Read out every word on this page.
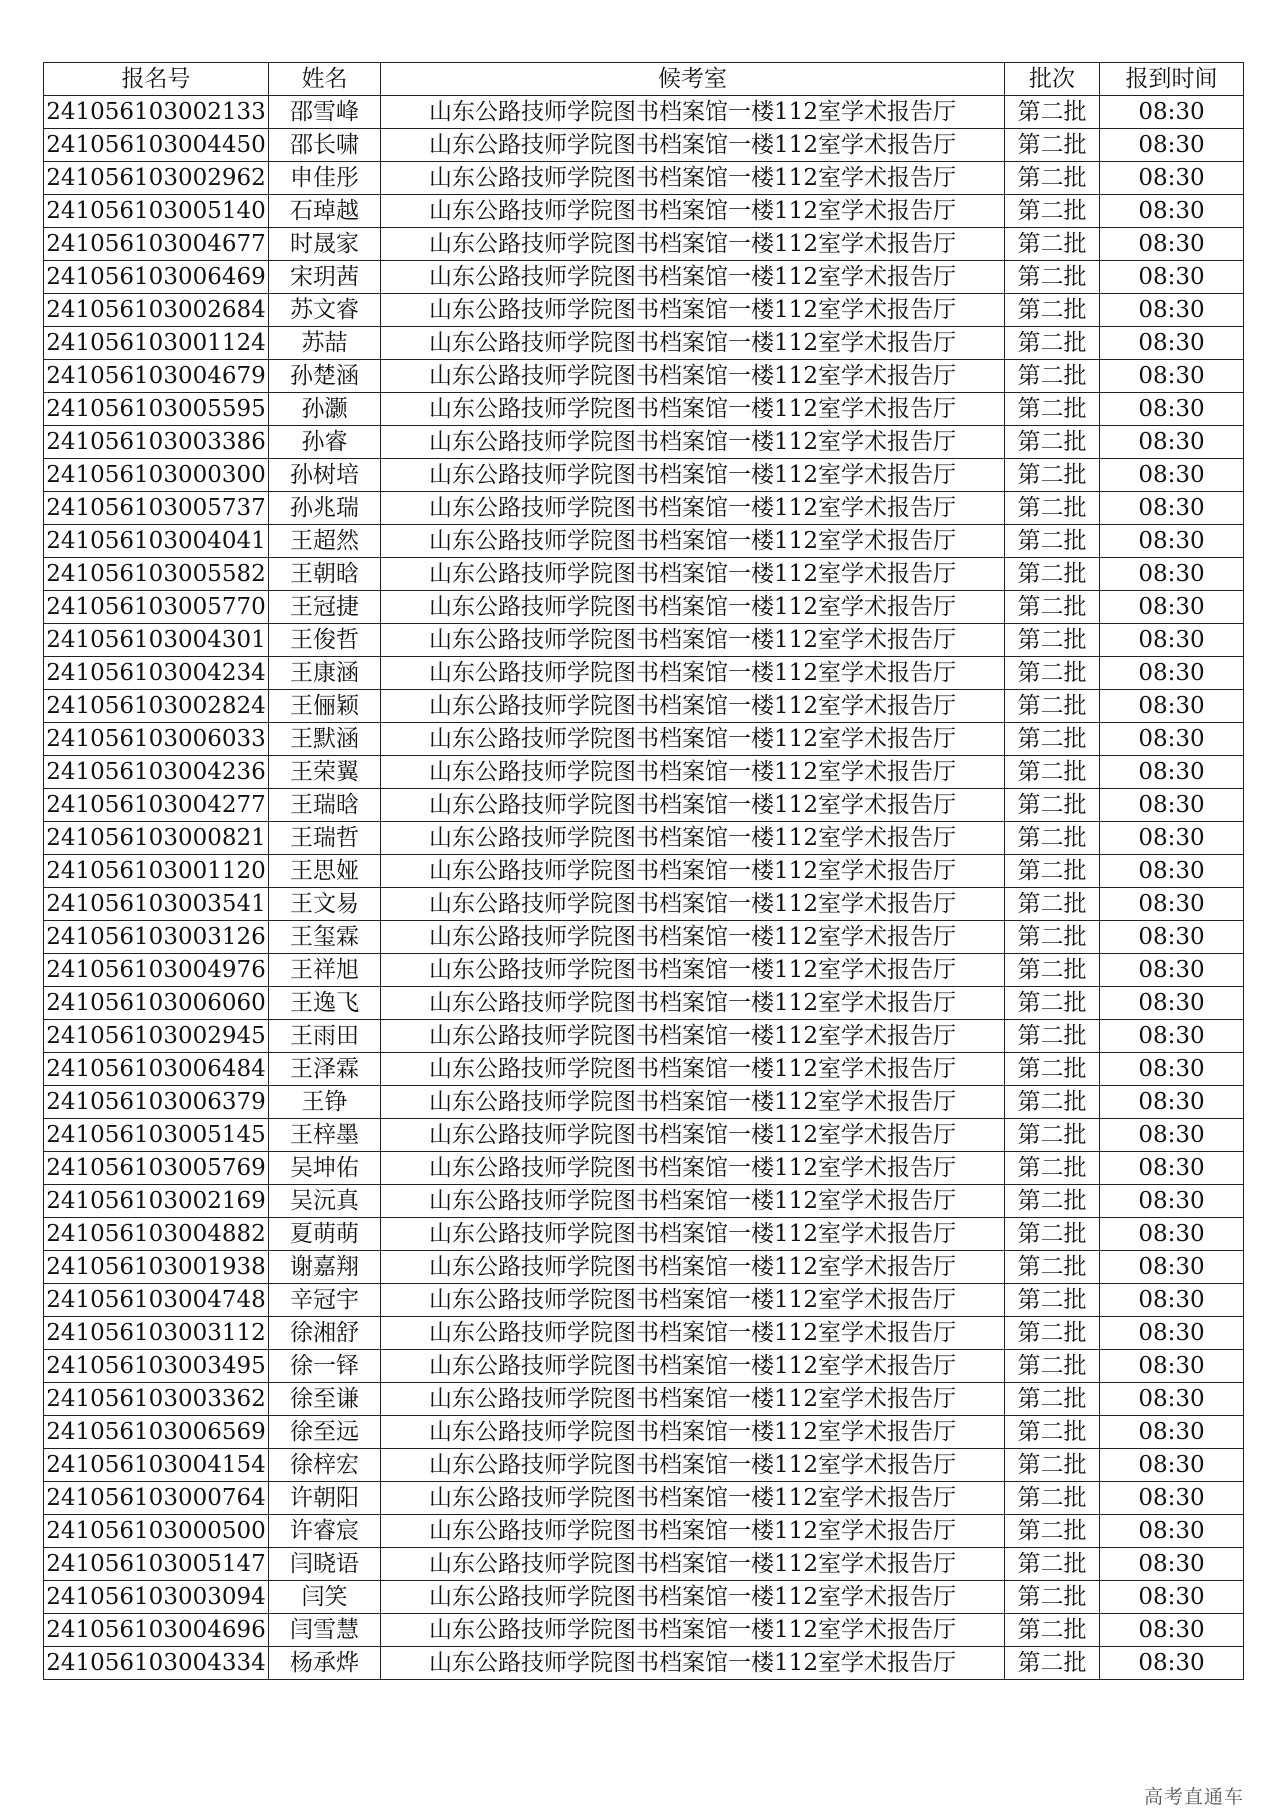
报名号	姓名	候考室	批次	报到时间
241056103002133	邵雪峰	山东公路技师学院图书档案馆一楼112室学术报告厅	第二批	08:30
241056103004450	邵长啸	山东公路技师学院图书档案馆一楼112室学术报告厅	第二批	08:30
241056103002962	申佳彤	山东公路技师学院图书档案馆一楼112室学术报告厅	第二批	08:30
241056103005140	石琸越	山东公路技师学院图书档案馆一楼112室学术报告厅	第二批	08:30
241056103004677	时晟家	山东公路技师学院图书档案馆一楼112室学术报告厅	第二批	08:30
241056103006469	宋玥茜	山东公路技师学院图书档案馆一楼112室学术报告厅	第二批	08:30
241056103002684	苏文睿	山东公路技师学院图书档案馆一楼112室学术报告厅	第二批	08:30
241056103001124	苏喆	山东公路技师学院图书档案馆一楼112室学术报告厅	第二批	08:30
241056103004679	孙楚涵	山东公路技师学院图书档案馆一楼112室学术报告厅	第二批	08:30
241056103005595	孙灏	山东公路技师学院图书档案馆一楼112室学术报告厅	第二批	08:30
241056103003386	孙睿	山东公路技师学院图书档案馆一楼112室学术报告厅	第二批	08:30
241056103000300	孙树培	山东公路技师学院图书档案馆一楼112室学术报告厅	第二批	08:30
241056103005737	孙兆瑞	山东公路技师学院图书档案馆一楼112室学术报告厅	第二批	08:30
241056103004041	王超然	山东公路技师学院图书档案馆一楼112室学术报告厅	第二批	08:30
241056103005582	王朝晗	山东公路技师学院图书档案馆一楼112室学术报告厅	第二批	08:30
241056103005770	王冠捷	山东公路技师学院图书档案馆一楼112室学术报告厅	第二批	08:30
241056103004301	王俊哲	山东公路技师学院图书档案馆一楼112室学术报告厅	第二批	08:30
241056103004234	王康涵	山东公路技师学院图书档案馆一楼112室学术报告厅	第二批	08:30
241056103002824	王俪颖	山东公路技师学院图书档案馆一楼112室学术报告厅	第二批	08:30
241056103006033	王默涵	山东公路技师学院图书档案馆一楼112室学术报告厅	第二批	08:30
241056103004236	王荣翼	山东公路技师学院图书档案馆一楼112室学术报告厅	第二批	08:30
241056103004277	王瑞晗	山东公路技师学院图书档案馆一楼112室学术报告厅	第二批	08:30
241056103000821	王瑞哲	山东公路技师学院图书档案馆一楼112室学术报告厅	第二批	08:30
241056103001120	王思娅	山东公路技师学院图书档案馆一楼112室学术报告厅	第二批	08:30
241056103003541	王文易	山东公路技师学院图书档案馆一楼112室学术报告厅	第二批	08:30
241056103003126	王玺霖	山东公路技师学院图书档案馆一楼112室学术报告厅	第二批	08:30
241056103004976	王祥旭	山东公路技师学院图书档案馆一楼112室学术报告厅	第二批	08:30
241056103006060	王逸飞	山东公路技师学院图书档案馆一楼112室学术报告厅	第二批	08:30
241056103002945	王雨田	山东公路技师学院图书档案馆一楼112室学术报告厅	第二批	08:30
241056103006484	王泽霖	山东公路技师学院图书档案馆一楼112室学术报告厅	第二批	08:30
241056103006379	王铮	山东公路技师学院图书档案馆一楼112室学术报告厅	第二批	08:30
241056103005145	王梓墨	山东公路技师学院图书档案馆一楼112室学术报告厅	第二批	08:30
241056103005769	吴坤佑	山东公路技师学院图书档案馆一楼112室学术报告厅	第二批	08:30
241056103002169	吴沅真	山东公路技师学院图书档案馆一楼112室学术报告厅	第二批	08:30
241056103004882	夏萌萌	山东公路技师学院图书档案馆一楼112室学术报告厅	第二批	08:30
241056103001938	谢嘉翔	山东公路技师学院图书档案馆一楼112室学术报告厅	第二批	08:30
241056103004748	辛冠宇	山东公路技师学院图书档案馆一楼112室学术报告厅	第二批	08:30
241056103003112	徐湘舒	山东公路技师学院图书档案馆一楼112室学术报告厅	第二批	08:30
241056103003495	徐一铎	山东公路技师学院图书档案馆一楼112室学术报告厅	第二批	08:30
241056103003362	徐至谦	山东公路技师学院图书档案馆一楼112室学术报告厅	第二批	08:30
241056103006569	徐至远	山东公路技师学院图书档案馆一楼112室学术报告厅	第二批	08:30
241056103004154	徐梓宏	山东公路技师学院图书档案馆一楼112室学术报告厅	第二批	08:30
241056103000764	许朝阳	山东公路技师学院图书档案馆一楼112室学术报告厅	第二批	08:30
241056103000500	许睿宸	山东公路技师学院图书档案馆一楼112室学术报告厅	第二批	08:30
241056103005147	闫晓语	山东公路技师学院图书档案馆一楼112室学术报告厅	第二批	08:30
241056103003094	闫笑	山东公路技师学院图书档案馆一楼112室学术报告厅	第二批	08:30
241056103004696	闫雪慧	山东公路技师学院图书档案馆一楼112室学术报告厅	第二批	08:30
241056103004334	杨承烨	山东公路技师学院图书档案馆一楼112室学术报告厅	第二批	08:30
高考直通车
